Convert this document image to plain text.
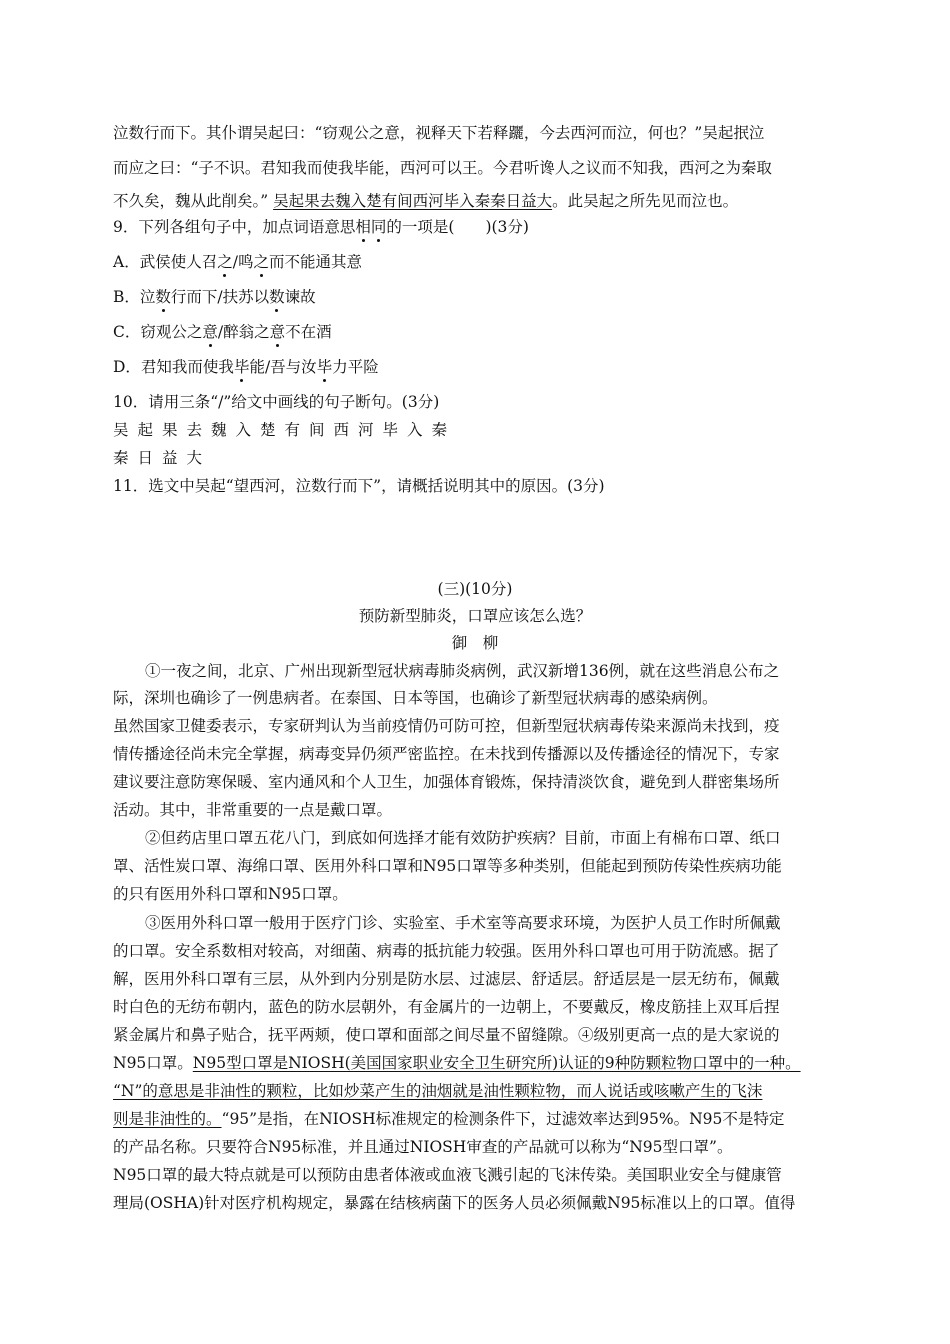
泣数行而下。其仆谓吴起曰：“窃观公之意，视释天下若释躧，今去西河而泣，何也？”吴起抿泣
而应之曰：“子不识。君知我而使我毕能，西河可以王。今君听谗人之议而不知我，西河之为秦取
不久矣，魏从此削矣。” 吴起果去魏入楚有间西河毕入秦秦日益大。此吴起之所先见而泣也。
9．下列各组句子中，加点词语意思相同的一项是(　　)(3分)
A．武侯使人召之/鸣之而不能通其意
B．泣数行而下/扶苏以数谏故
C．窃观公之意/醉翁之意不在酒
D．君知我而使我毕能/吾与汝毕力平险
10．请用三条“/”给文中画线的句子断句。(3分)
吴起果去魏入楚有间西河毕入秦
秦日益大
11．选文中吴起“望西河，泣数行而下”，请概括说明其中的原因。(3分)
(三)(10分)
预防新型肺炎，口罩应该怎么选？
御　柳
①一夜之间，北京、广州出现新型冠状病毒肺炎病例，武汉新增136例，就在这些消息公布之
际，深圳也确诊了一例患病者。在泰国、日本等国，也确诊了新型冠状病毒的感染病例。
虽然国家卫健委表示，专家研判认为当前疫情仍可防可控，但新型冠状病毒传染来源尚未找到，疫
情传播途径尚未完全掌握，病毒变异仍须严密监控。在未找到传播源以及传播途径的情况下，专家
建议要注意防寒保暖、室内通风和个人卫生，加强体育锻炼，保持清淡饮食，避免到人群密集场所
活动。其中，非常重要的一点是戴口罩。
②但药店里口罩五花八门，到底如何选择才能有效防护疾病？目前，市面上有棉布口罩、纸口
罩、活性炭口罩、海绵口罩、医用外科口罩和N95口罩等多种类别，但能起到预防传染性疾病功能
的只有医用外科口罩和N95口罩。
③医用外科口罩一般用于医疗门诊、实验室、手术室等高要求环境，为医护人员工作时所佩戴
的口罩。安全系数相对较高，对细菌、病毒的抵抗能力较强。医用外科口罩也可用于防流感。据了
解，医用外科口罩有三层，从外到内分别是防水层、过滤层、舒适层。舒适层是一层无纺布，佩戴
时白色的无纺布朝内，蓝色的防水层朝外，有金属片的一边朝上，不要戴反，橡皮筋挂上双耳后捏
紧金属片和鼻子贴合，抚平两颊，使口罩和面部之间尽量不留缝隙。④级别更高一点的是大家说的
N95口罩。N95型口罩是NIOSH(美国国家职业安全卫生研究所)认证的9种防颗粒物口罩中的一种。
“N”的意思是非油性的颗粒，比如炒菜产生的油烟就是油性颗粒物，而人说话或咳嗽产生的飞沫
则是非油性的。“95”是指，在NIOSH标准规定的检测条件下，过滤效率达到95%。N95不是特定
的产品名称。只要符合N95标准，并且通过NIOSH审查的产品就可以称为“N95型口罩”。
N95口罩的最大特点就是可以预防由患者体液或血液飞溅引起的飞沫传染。美国职业安全与健康管
理局(OSHA)针对医疗机构规定，暴露在结核病菌下的医务人员必须佩戴N95标准以上的口罩。值得
